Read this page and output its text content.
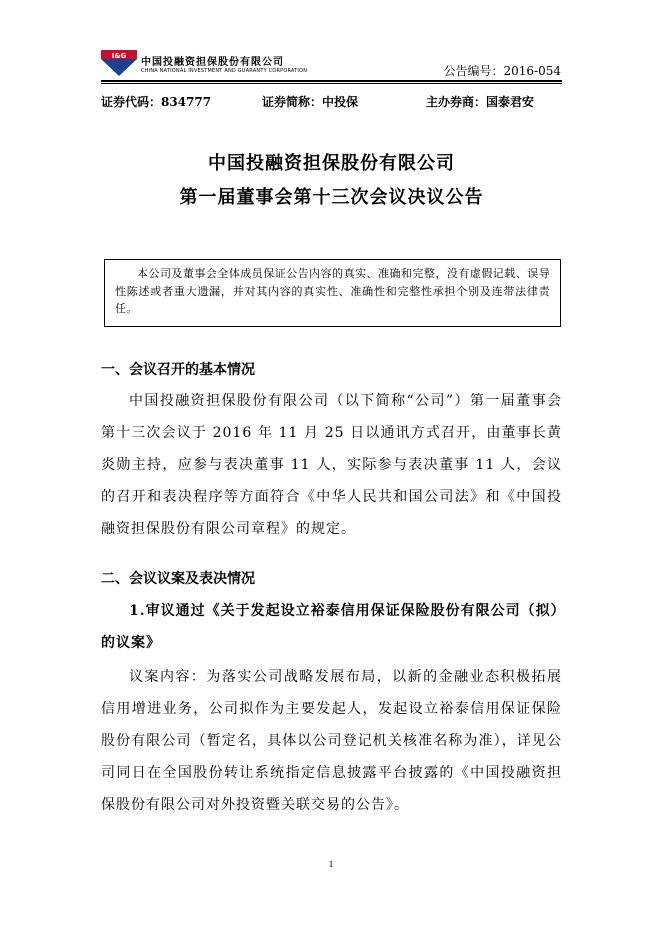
I&G
中国投融资担保股份有限公司
CHINA NATIONAL INVESTMENT AND GUARANTY CORPORATION	公告编号：2016-054
证券代码：834777	证券简称：中投保	主办券商：国泰君安
中国投融资担保股份有限公司
第一届董事会第十三次会议决议公告
本公司及董事会全体成员保证公告内容的真实、准确和完整，没有虚假记载、误导性陈述或者重大遗漏，并对其内容的真实性、准确性和完整性承担个别及连带法律责任。
一、会议召开的基本情况

中国投融资担保股份有限公司（以下简称“公司”）第一届董事会第十三次会议于 2016 年 11 月 25 日以通讯方式召开，由董事长黄炎勋主持，应参与表决董事 11 人，实际参与表决董事 11 人，会议的召开和表决程序等方面符合《中华人民共和国公司法》和《中国投融资担保股份有限公司章程》的规定。

二、会议议案及表决情况
1.审议通过《关于发起设立裕泰信用保证保险股份有限公司（拟）的议案》

议案内容：为落实公司战略发展布局，以新的金融业态积极拓展信用增进业务，公司拟作为主要发起人，发起设立裕泰信用保证保险股份有限公司（暂定名，具体以公司登记机关核准名称为准），详见公司同日在全国股份转让系统指定信息披露平台披露的《中国投融资担保股份有限公司对外投资暨关联交易的公告》。

1
